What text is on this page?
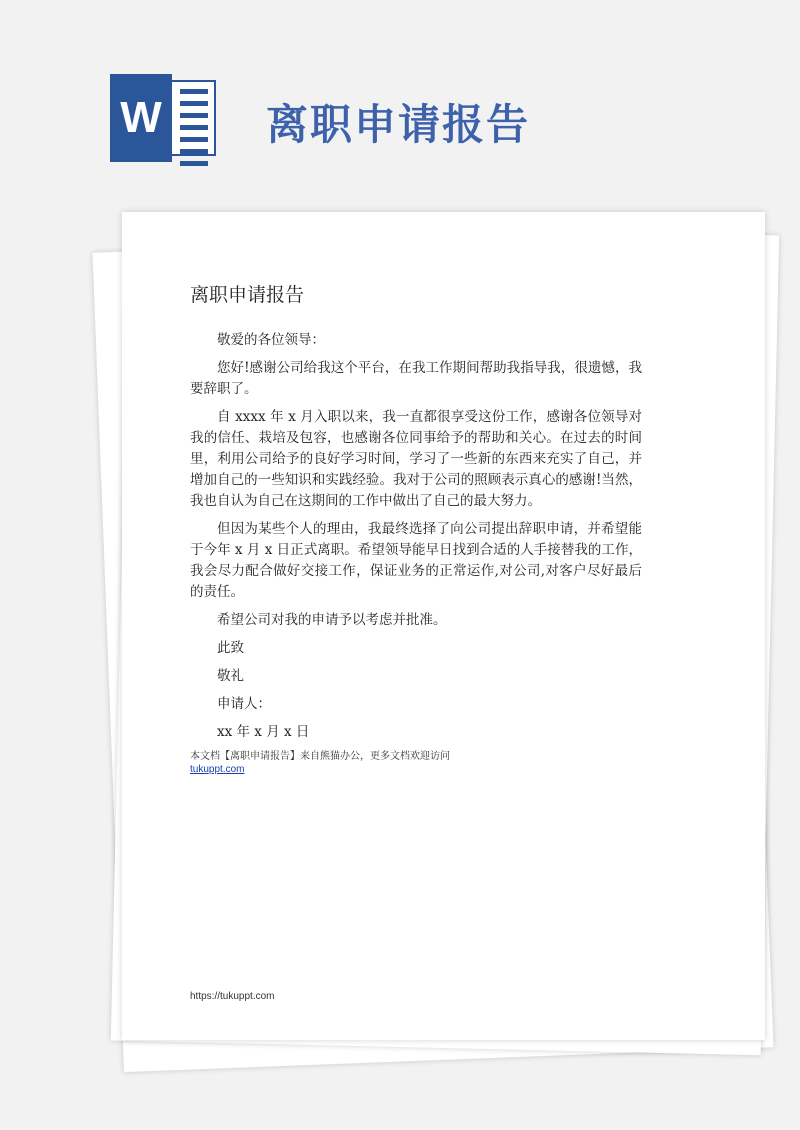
W 离职申请报告
离职申请报告

敬爱的各位领导：

您好!感谢公司给我这个平台，在我工作期间帮助我指导我，很遗憾，我要辞职了。

自 xxxx 年 x 月入职以来，我一直都很享受这份工作，感谢各位领导对我的信任、栽培及包容，也感谢各位同事给予的帮助和关心。在过去的时间里，利用公司给予的良好学习时间，学习了一些新的东西来充实了自己，并增加自己的一些知识和实践经验。我对于公司的照顾表示真心的感谢!当然，我也自认为自己在这期间的工作中做出了自己的最大努力。

但因为某些个人的理由，我最终选择了向公司提出辞职申请，并希望能于今年 x 月 x 日正式离职。希望领导能早日找到合适的人手接替我的工作，我会尽力配合做好交接工作，保证业务的正常运作,对公司,对客户尽好最后的责任。

希望公司对我的申请予以考虑并批准。

此致

敬礼

申请人：

xx 年 x 月 x 日

本文档【离职申请报告】来自熊猫办公，更多文档欢迎访问
tukuppt.com
https://tukuppt.com
